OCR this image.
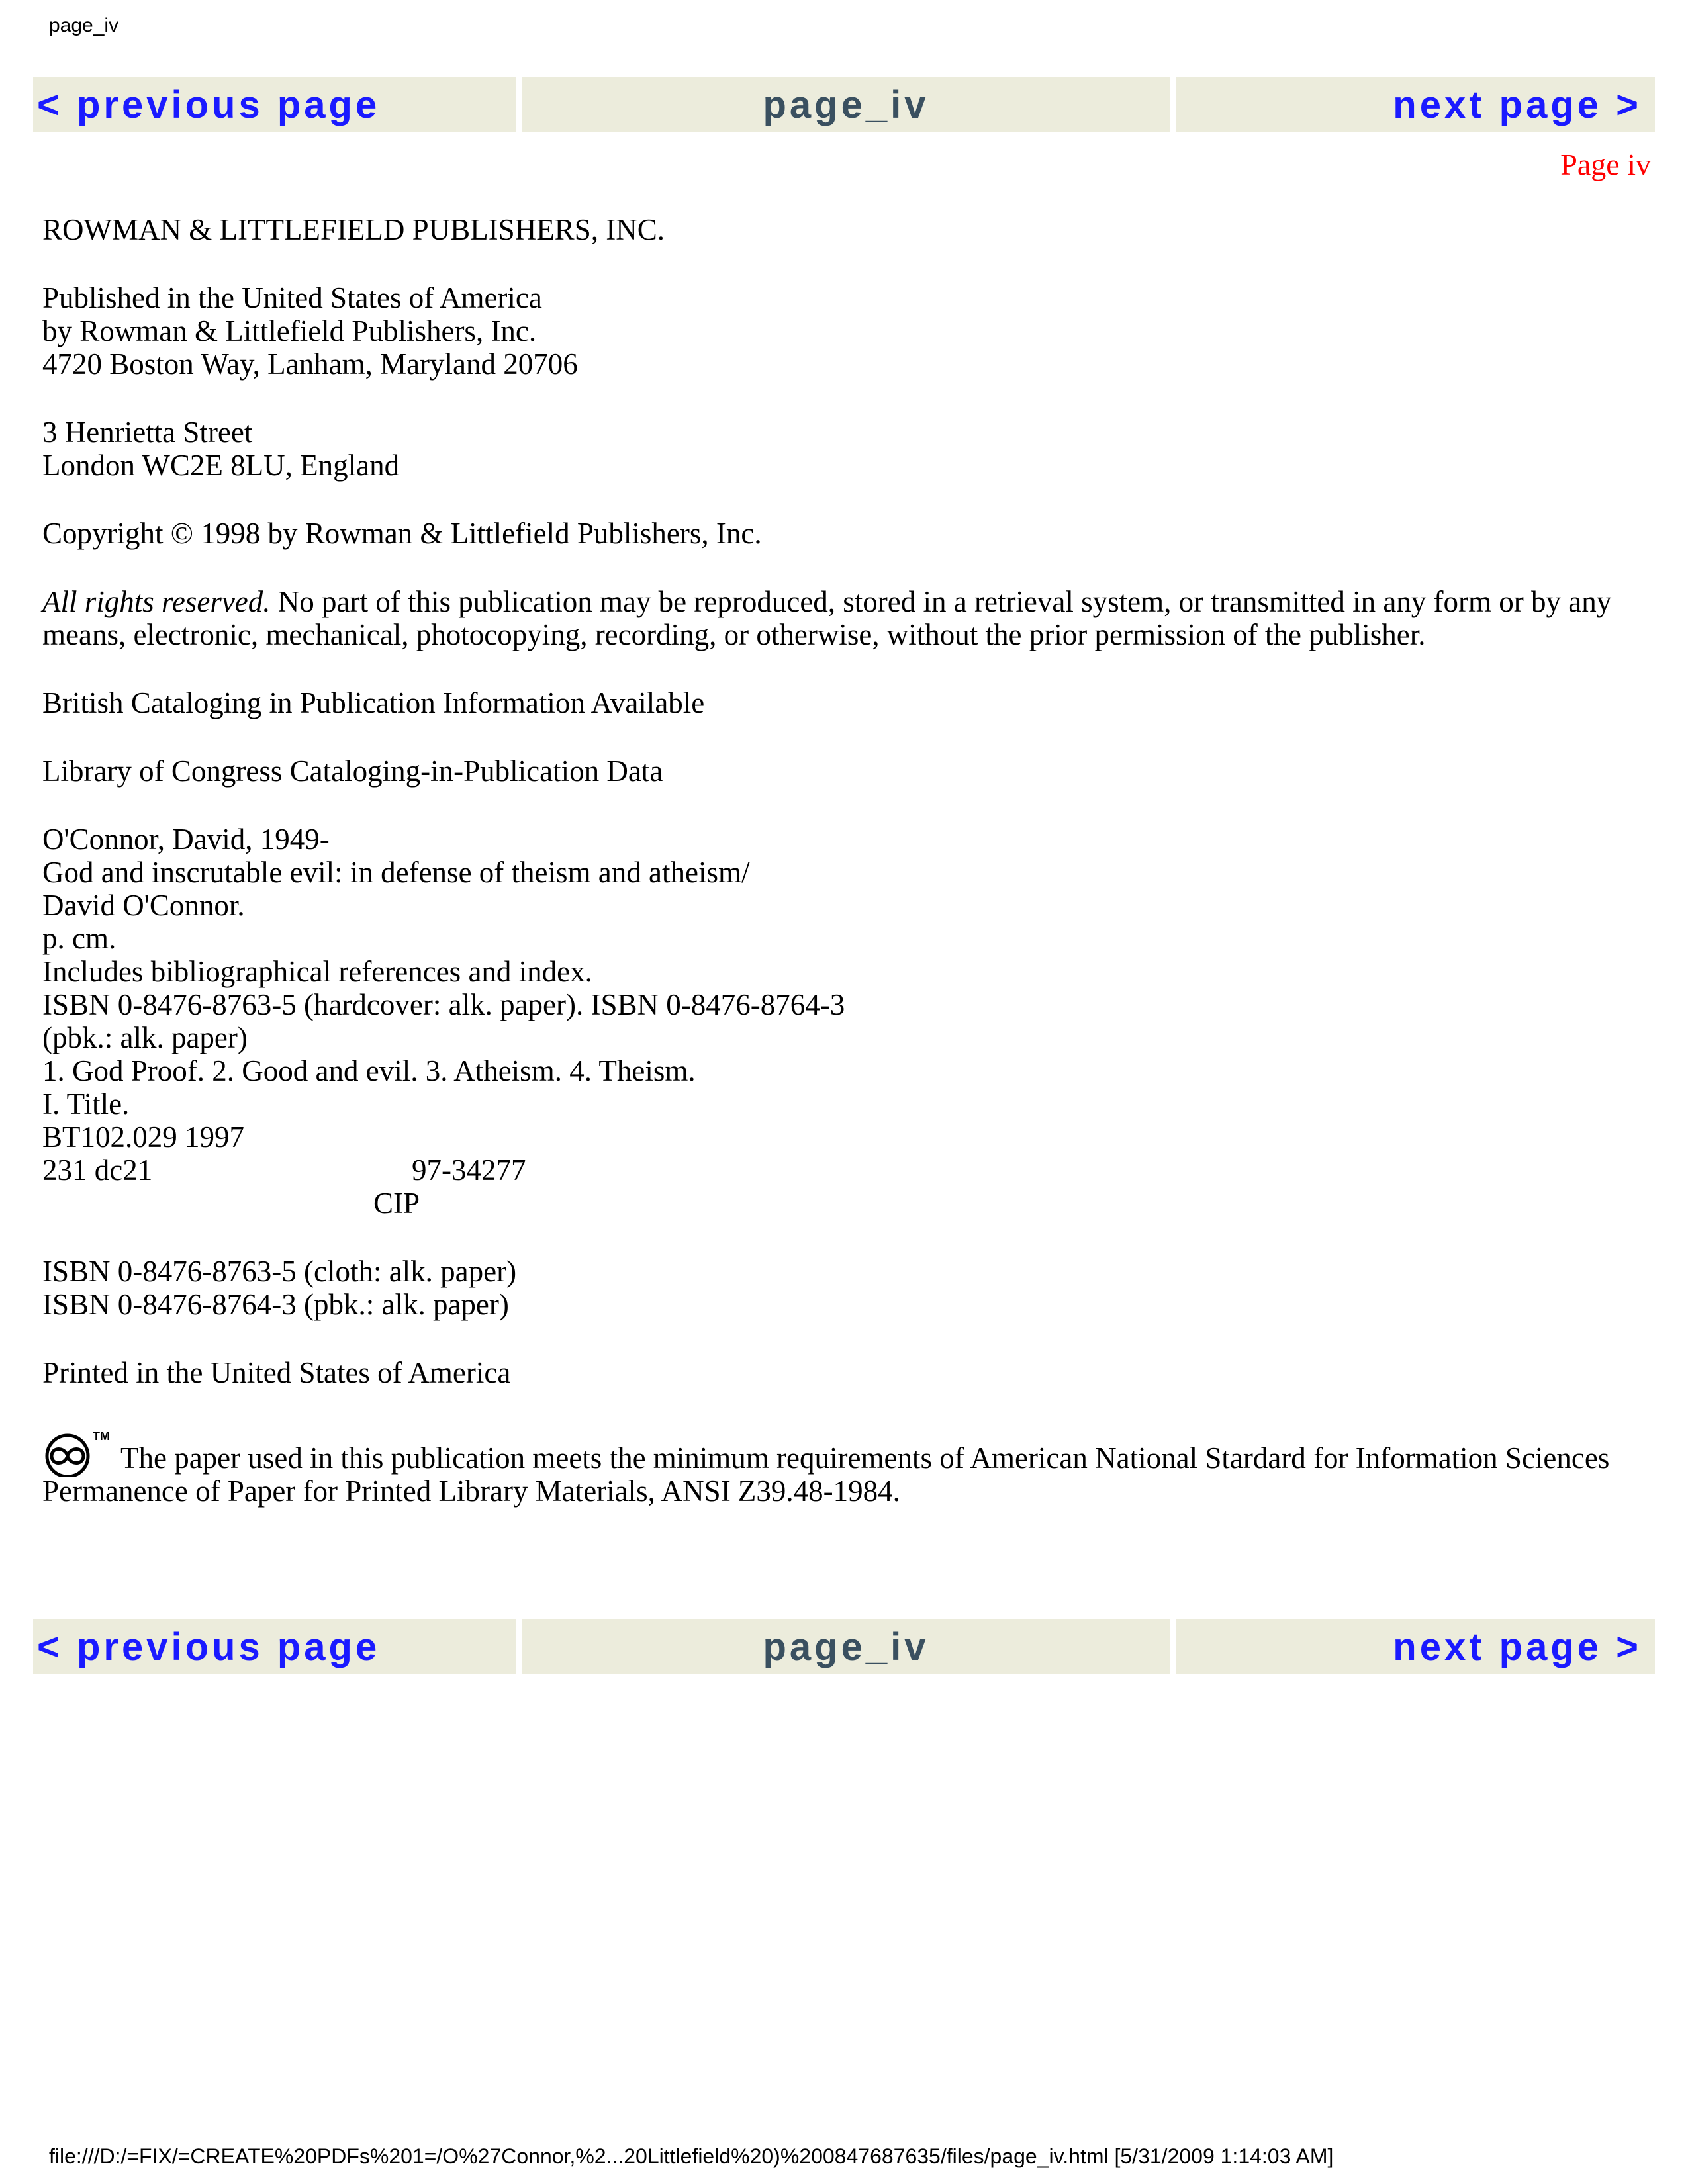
page_iv
< previous page	page_iv	next page >
Page iv

ROWMAN & LITTLEFIELD PUBLISHERS, INC.

Published in the United States of America
by Rowman & Littlefield Publishers, Inc.
4720 Boston Way, Lanham, Maryland 20706

3 Henrietta Street
London WC2E 8LU, England

Copyright © 1998 by Rowman & Littlefield Publishers, Inc.

All rights reserved. No part of this publication may be reproduced, stored in a retrieval system, or transmitted in any form or by any means, electronic, mechanical, photocopying, recording, or otherwise, without the prior permission of the publisher.

British Cataloging in Publication Information Available

Library of Congress Cataloging-in-Publication Data

O'Connor, David, 1949-
God and inscrutable evil: in defense of theism and atheism/
David O'Connor.
p. cm.
Includes bibliographical references and index.
ISBN 0-8476-8763-5 (hardcover: alk. paper). ISBN 0-8476-8764-3
(pbk.: alk. paper)
1. God Proof. 2. Good and evil. 3. Atheism. 4. Theism.
I. Title.
BT102.029 1997
231 dc21	97-34277
CIP

ISBN 0-8476-8763-5 (cloth: alk. paper)
ISBN 0-8476-8764-3 (pbk.: alk. paper)

Printed in the United States of America

TM
The paper used in this publication meets the minimum requirements of American National Stardard for Information Sciences Permanence of Paper for Printed Library Materials, ANSI Z39.48-1984.

< previous page	page_iv	next page >
file:///D:/=FIX/=CREATE%20PDFs%201=/O%27Connor,%2...20Littlefield%20)%200847687635/files/page_iv.html [5/31/2009 1:14:03 AM]
